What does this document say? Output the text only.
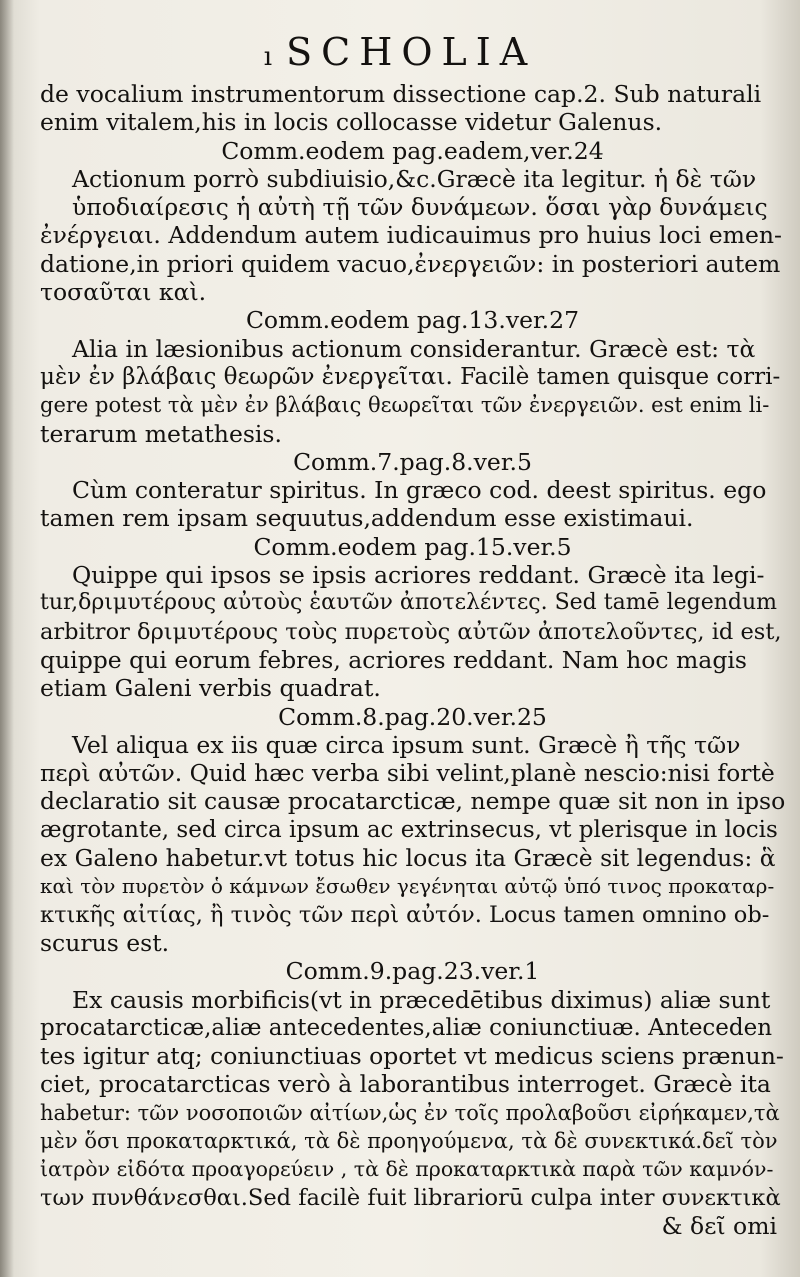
ı SCHOLIA
de vocalium instrumentorum dissectione cap.2. Sub naturali
enim vitalem,his in locis collocasse videtur Galenus.
Comm.eodem pag.eadem,ver.24
Actionum porrò subdiuisio,&c.Græcè ita legitur. ἡ δὲ τῶν
ὑποδιαίρεσις ἡ αὐτὴ τῇ τῶν δυνάμεων. ὅσαι γὰρ δυνάμεις
ἐνέργειαι. Addendum autem iudicauimus pro huius loci emen-
datione,in priori quidem vacuo,ἐνεργειῶν: in posteriori autem
τοσαῦται καὶ.
Comm.eodem pag.13.ver.27
Alia in læsionibus actionum considerantur. Græcè est: τὰ
μὲν ἐν βλάβαις θεωρῶν ἐνεργεῖται. Facilè tamen quisque corri-
gere potest τὰ μὲν ἐν βλάβαις θεωρεῖται τῶν ἐνεργειῶν. est enim li-
terarum metathesis.
Comm.7.pag.8.ver.5
Cùm conteratur spiritus. In græco cod. deest spiritus. ego
tamen rem ipsam sequutus,addendum esse existimaui.
Comm.eodem pag.15.ver.5
Quippe qui ipsos se ipsis acriores reddant. Græcè ita legi-
tur,δριμυτέρους αὐτοὺς ἑαυτῶν ἀποτελέντες. Sed tamē legendum
arbitror δριμυτέρους τοὺς πυρετοὺς αὐτῶν ἀποτελοῦντες, id est,
quippe qui eorum febres, acriores reddant. Nam hoc magis
etiam Galeni verbis quadrat.
Comm.8.pag.20.ver.25
Vel aliqua ex iis quæ circa ipsum sunt. Græcè ἢ τῆς τῶν
περὶ αὐτῶν. Quid hæc verba sibi velint,planè nescio:nisi fortè
declaratio sit causæ procatarcticæ, nempe quæ sit non in ipso
ægrotante, sed circa ipsum ac extrinsecus, vt plerisque in locis
ex Galeno habetur.vt totus hic locus ita Græcè sit legendus: ἃ
καὶ τὸν πυρετὸν ὁ κάμνων ἔσωθεν γεγένηται αὐτῷ ὑπό τινος προκαταρ-
κτικῆς αἰτίας, ἢ τινὸς τῶν περὶ αὐτόν. Locus tamen omnino ob-
scurus est.
Comm.9.pag.23.ver.1
Ex causis morbificis(vt in præcedētibus diximus) aliæ sunt
procatarcticæ,aliæ antecedentes,aliæ coniunctiuæ. Anteceden
tes igitur atq; coniunctiuas oportet vt medicus sciens prænun-
ciet, procatarcticas verò à laborantibus interroget. Græcè ita
habetur: τῶν νοσοποιῶν αἰτίων,ὡς ἐν τοῖς προλαβοῦσι εἰρήκαμεν,τὰ
μὲν ὅσι προκαταρκτικά, τὰ δὲ προηγούμενα, τὰ δὲ συνεκτικά.δεῖ τὸν
ἰατρὸν εἰδότα προαγορεύειν , τὰ δὲ προκαταρκτικὰ παρὰ τῶν καμνόν-
των πυνθάνεσθαι.Sed facilè fuit librariorū culpa inter συνεκτικὰ
& δεῖ omi
